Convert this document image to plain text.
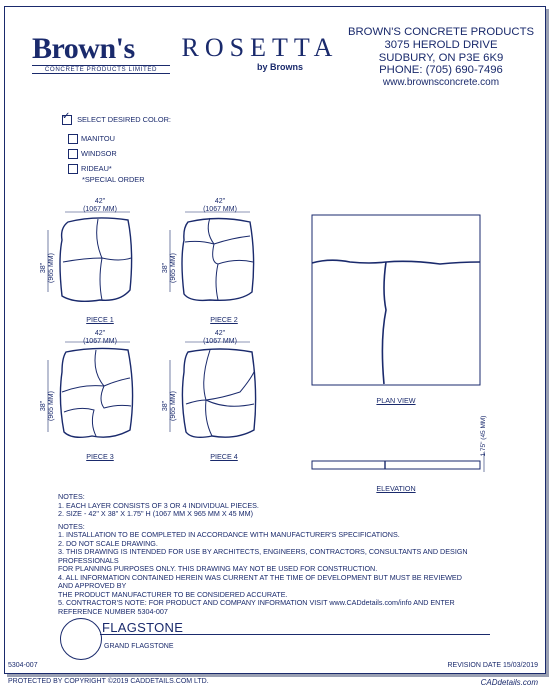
Brown's
CONCRETE PRODUCTS LIMITED
ROSETTA
by Browns
BROWN'S CONCRETE PRODUCTS
3075 HEROLD DRIVE
SUDBURY, ON P3E 6K9
PHONE: (705) 690-7496
www.brownsconcrete.com
✓ SELECT DESIRED COLOR:
MANITOU
WINDSOR
RIDEAU*
*SPECIAL ORDER
42"
(1067 MM)
38"
(965 MM)
PIECE 1
42"
(1067 MM)
38"
(965 MM)
PIECE 2
42"
(1067 MM)
38"
(965 MM)
PIECE 3
42"
(1067 MM)
38"
(965 MM)
PIECE 4
PLAN VIEW
ELEVATION
1.75" (45 MM)

NOTES:

1. EACH LAYER CONSISTS OF 3 OR 4 INDIVIDUAL PIECES.

2. SIZE - 42" X 38" X 1.75" H (1067 MM X 965 MM X 45 MM)

NOTES:

1. INSTALLATION TO BE COMPLETED IN ACCORDANCE WITH MANUFACTURER'S SPECIFICATIONS.

2. DO NOT SCALE DRAWING.

3. THIS DRAWING IS INTENDED FOR USE BY ARCHITECTS, ENGINEERS, CONTRACTORS, CONSULTANTS AND DESIGN PROFESSIONALS

FOR PLANNING PURPOSES ONLY. THIS DRAWING MAY NOT BE USED FOR CONSTRUCTION.

4. ALL INFORMATION CONTAINED HEREIN WAS CURRENT AT THE TIME OF DEVELOPMENT BUT MUST BE REVIEWED AND APPROVED BY

THE PRODUCT MANUFACTURER TO BE CONSIDERED ACCURATE.

5. CONTRACTOR'S NOTE: FOR PRODUCT AND COMPANY INFORMATION VISIT www.CADdetails.com/info AND ENTER

REFERENCE NUMBER 5304-007

FLAGSTONE
GRAND FLAGSTONE
5304-007	REVISION DATE 15/03/2019
PROTECTED BY COPYRIGHT ©2019 CADDETAILS.COM LTD.	CADdetails.com
